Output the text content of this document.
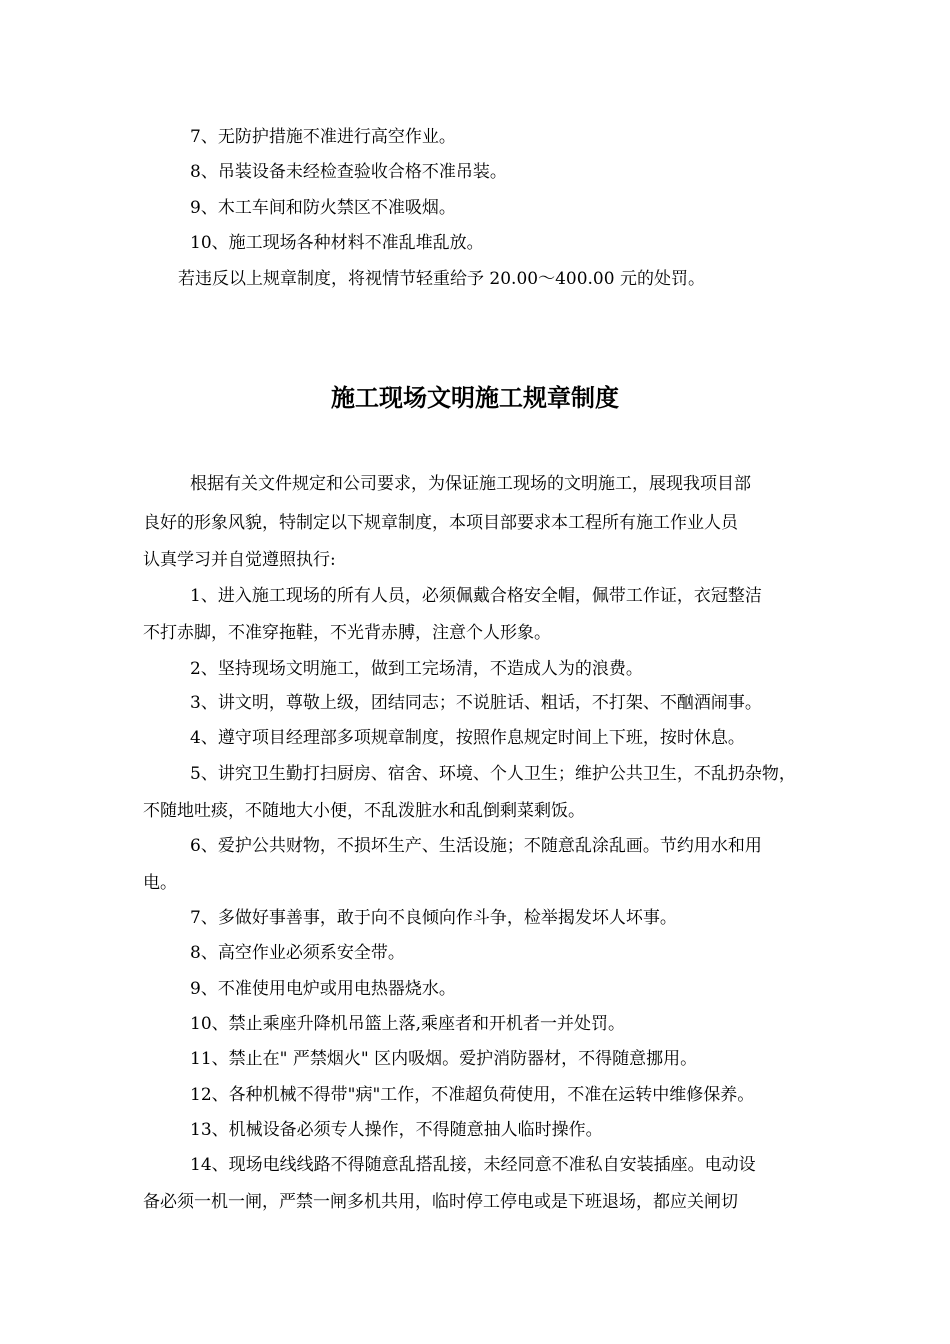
7、无防护措施不准进行高空作业。
8、吊装设备未经检查验收合格不准吊装。
9、木工车间和防火禁区不准吸烟。
10、施工现场各种材料不准乱堆乱放。
若违反以上规章制度，将视情节轻重给予 20.00～400.00 元的处罚。
施工现场文明施工规章制度
根据有关文件规定和公司要求，为保证施工现场的文明施工，展现我项目部
良好的形象风貌，特制定以下规章制度，本项目部要求本工程所有施工作业人员
认真学习并自觉遵照执行:
1、进入施工现场的所有人员，必须佩戴合格安全帽，佩带工作证，衣冠整洁
不打赤脚，不准穿拖鞋，不光背赤膊，注意个人形象。
2、坚持现场文明施工，做到工完场清，不造成人为的浪费。
3、讲文明，尊敬上级，团结同志；不说脏话、粗话，不打架、不酗酒闹事。
4、遵守项目经理部多项规章制度，按照作息规定时间上下班，按时休息。
5、讲究卫生勤打扫厨房、宿舍、环境、个人卫生；维护公共卫生，不乱扔杂物，
不随地吐痰，不随地大小便，不乱泼脏水和乱倒剩菜剩饭。
6、爱护公共财物，不损坏生产、生活设施；不随意乱涂乱画。节约用水和用
电。
7、多做好事善事，敢于向不良倾向作斗争，检举揭发坏人坏事。
8、高空作业必须系安全带。
9、不准使用电炉或用电热器烧水。
10、禁止乘座升降机吊篮上落,乘座者和开机者一并处罚。
11、禁止在" 严禁烟火" 区内吸烟。爱护消防器材，不得随意挪用。
12、各种机械不得带"病"工作，不准超负荷使用，不准在运转中维修保养。
13、机械设备必须专人操作，不得随意抽人临时操作。
14、现场电线线路不得随意乱搭乱接，未经同意不准私自安装插座。电动设
备必须一机一闸，严禁一闸多机共用，临时停工停电或是下班退场，都应关闸切
